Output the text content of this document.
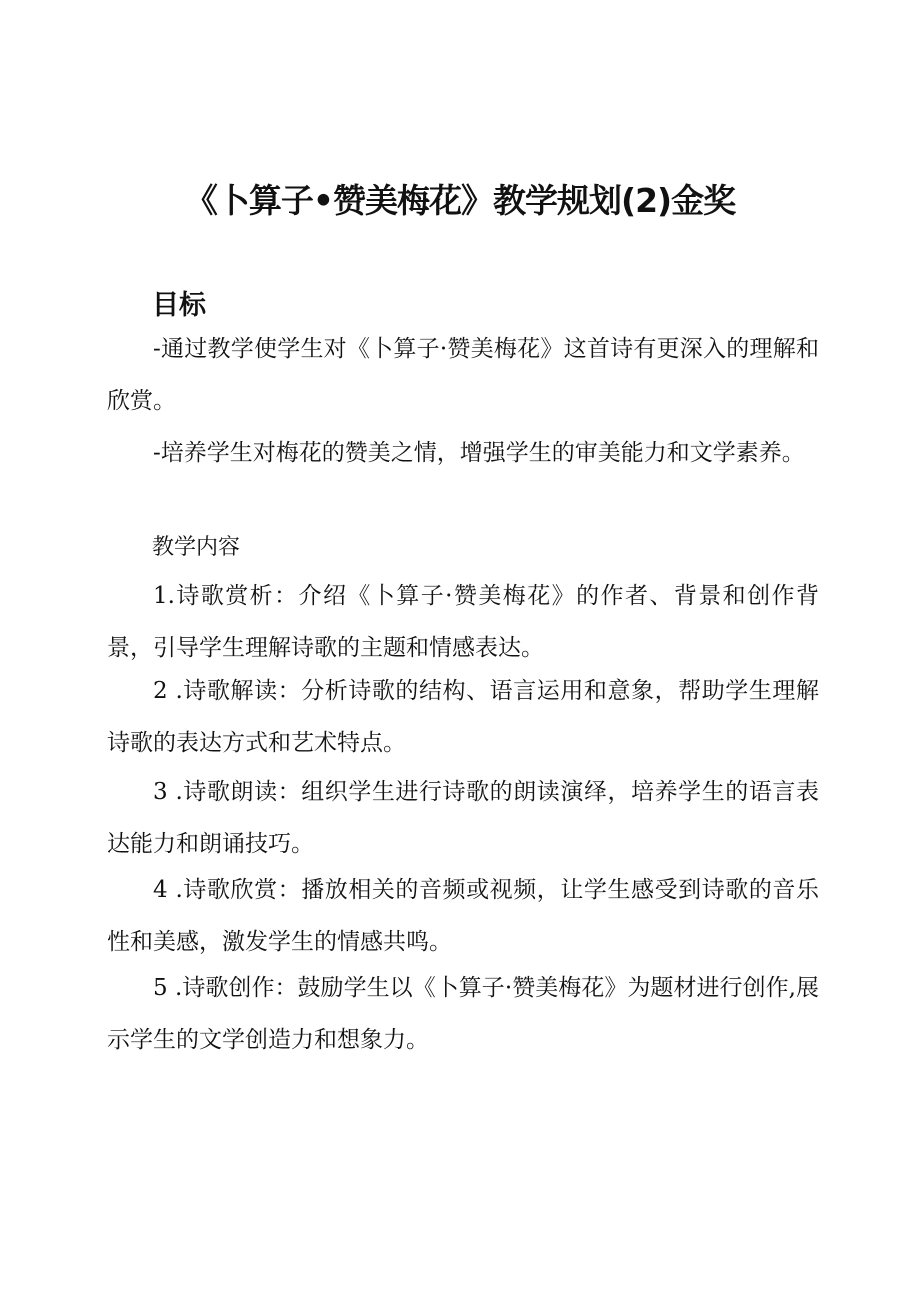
《卜算子•赞美梅花》教学规划(2)金奖
目标

-通过教学使学生对《卜算子·赞美梅花》这首诗有更深入的理解和欣赏。

-培养学生对梅花的赞美之情，增强学生的审美能力和文学素养。

教学内容

1.诗歌赏析：介绍《卜算子·赞美梅花》的作者、背景和创作背景，引导学生理解诗歌的主题和情感表达。

2 .诗歌解读：分析诗歌的结构、语言运用和意象，帮助学生理解诗歌的表达方式和艺术特点。

3 .诗歌朗读：组织学生进行诗歌的朗读演绎，培养学生的语言表达能力和朗诵技巧。

4 .诗歌欣赏：播放相关的音频或视频，让学生感受到诗歌的音乐性和美感，激发学生的情感共鸣。

5 .诗歌创作：鼓励学生以《卜算子·赞美梅花》为题材进行创作,展示学生的文学创造力和想象力。
